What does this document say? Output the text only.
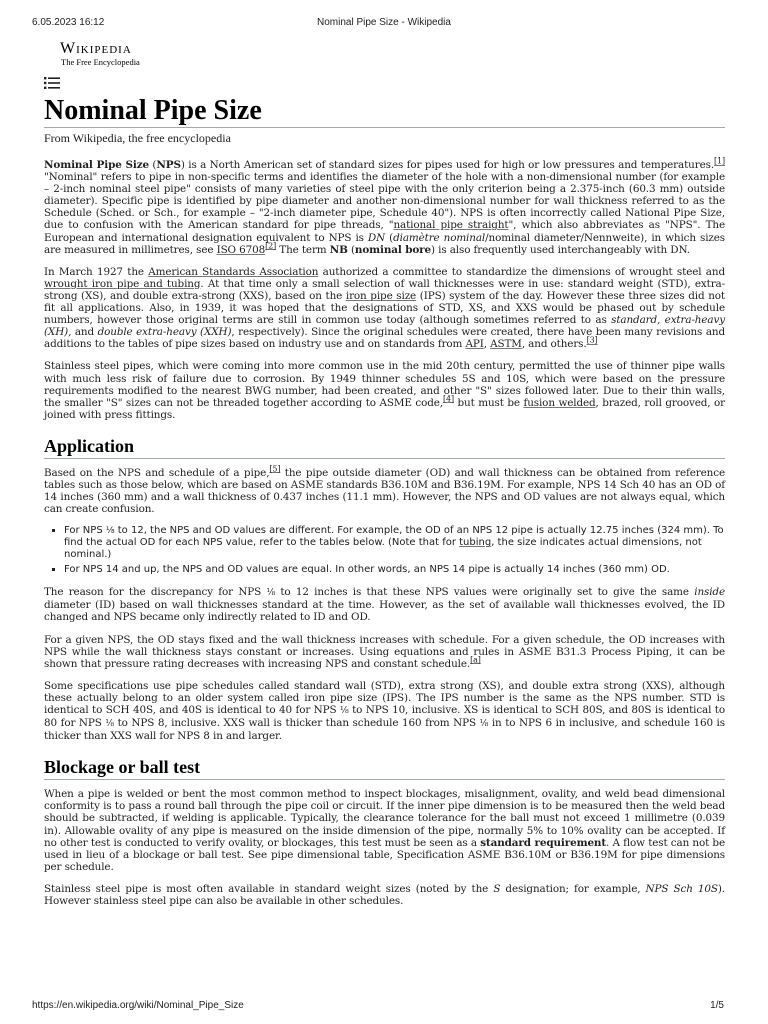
6.05.2023 16:12	Nominal Pipe Size - Wikipedia
Wikipedia
The Free Encyclopedia
Nominal Pipe Size
From Wikipedia, the free encyclopedia

Nominal Pipe Size (NPS) is a North American set of standard sizes for pipes used for high or low pressures and temperatures.[1] "Nominal" refers to pipe in non-specific terms and identifies the diameter of the hole with a non-dimensional number (for example – 2-inch nominal steel pipe" consists of many varieties of steel pipe with the only criterion being a 2.375-inch (60.3 mm) outside diameter). Specific pipe is identified by pipe diameter and another non-dimensional number for wall thickness referred to as the Schedule (Sched. or Sch., for example – "2-inch diameter pipe, Schedule 40"). NPS is often incorrectly called National Pipe Size, due to confusion with the American standard for pipe threads, "national pipe straight", which also abbreviates as "NPS". The European and international designation equivalent to NPS is DN (diamètre nominal/nominal diameter/Nennweite), in which sizes are measured in millimetres, see ISO 6708[2] The term NB (nominal bore) is also frequently used interchangeably with DN.

In March 1927 the American Standards Association authorized a committee to standardize the dimensions of wrought steel and wrought iron pipe and tubing. At that time only a small selection of wall thicknesses were in use: standard weight (STD), extra-strong (XS), and double extra-strong (XXS), based on the iron pipe size (IPS) system of the day. However these three sizes did not fit all applications. Also, in 1939, it was hoped that the designations of STD, XS, and XXS would be phased out by schedule numbers, however those original terms are still in common use today (although sometimes referred to as standard, extra-heavy (XH), and double extra-heavy (XXH), respectively). Since the original schedules were created, there have been many revisions and additions to the tables of pipe sizes based on industry use and on standards from API, ASTM, and others.[3]

Stainless steel pipes, which were coming into more common use in the mid 20th century, permitted the use of thinner pipe walls with much less risk of failure due to corrosion. By 1949 thinner schedules 5S and 10S, which were based on the pressure requirements modified to the nearest BWG number, had been created, and other "S" sizes followed later. Due to their thin walls, the smaller "S" sizes can not be threaded together according to ASME code,[4] but must be fusion welded, brazed, roll grooved, or joined with press fittings.

Application

Based on the NPS and schedule of a pipe,[5] the pipe outside diameter (OD) and wall thickness can be obtained from reference tables such as those below, which are based on ASME standards B36.10M and B36.19M. For example, NPS 14 Sch 40 has an OD of 14 inches (360 mm) and a wall thickness of 0.437 inches (11.1 mm). However, the NPS and OD values are not always equal, which can create confusion.

▪ For NPS ⅛ to 12, the NPS and OD values are different. For example, the OD of an NPS 12 pipe is actually 12.75 inches (324 mm). To find the actual OD for each NPS value, refer to the tables below. (Note that for tubing, the size indicates actual dimensions, not nominal.)
▪ For NPS 14 and up, the NPS and OD values are equal. In other words, an NPS 14 pipe is actually 14 inches (360 mm) OD.

The reason for the discrepancy for NPS ⅛ to 12 inches is that these NPS values were originally set to give the same inside diameter (ID) based on wall thicknesses standard at the time. However, as the set of available wall thicknesses evolved, the ID changed and NPS became only indirectly related to ID and OD.

For a given NPS, the OD stays fixed and the wall thickness increases with schedule. For a given schedule, the OD increases with NPS while the wall thickness stays constant or increases. Using equations and rules in ASME B31.3 Process Piping, it can be shown that pressure rating decreases with increasing NPS and constant schedule.[a]

Some specifications use pipe schedules called standard wall (STD), extra strong (XS), and double extra strong (XXS), although these actually belong to an older system called iron pipe size (IPS). The IPS number is the same as the NPS number. STD is identical to SCH 40S, and 40S is identical to 40 for NPS ⅛ to NPS 10, inclusive. XS is identical to SCH 80S, and 80S is identical to 80 for NPS ⅛ to NPS 8, inclusive. XXS wall is thicker than schedule 160 from NPS ⅛ in to NPS 6 in inclusive, and schedule 160 is thicker than XXS wall for NPS 8 in and larger.

Blockage or ball test

When a pipe is welded or bent the most common method to inspect blockages, misalignment, ovality, and weld bead dimensional conformity is to pass a round ball through the pipe coil or circuit. If the inner pipe dimension is to be measured then the weld bead should be subtracted, if welding is applicable. Typically, the clearance tolerance for the ball must not exceed 1 millimetre (0.039 in). Allowable ovality of any pipe is measured on the inside dimension of the pipe, normally 5% to 10% ovality can be accepted. If no other test is conducted to verify ovality, or blockages, this test must be seen as a standard requirement. A flow test can not be used in lieu of a blockage or ball test. See pipe dimensional table, Specification ASME B36.10M or B36.19M for pipe dimensions per schedule.

Stainless steel pipe is most often available in standard weight sizes (noted by the S designation; for example, NPS Sch 10S). However stainless steel pipe can also be available in other schedules.

https://en.wikipedia.org/wiki/Nominal_Pipe_Size	1/5
